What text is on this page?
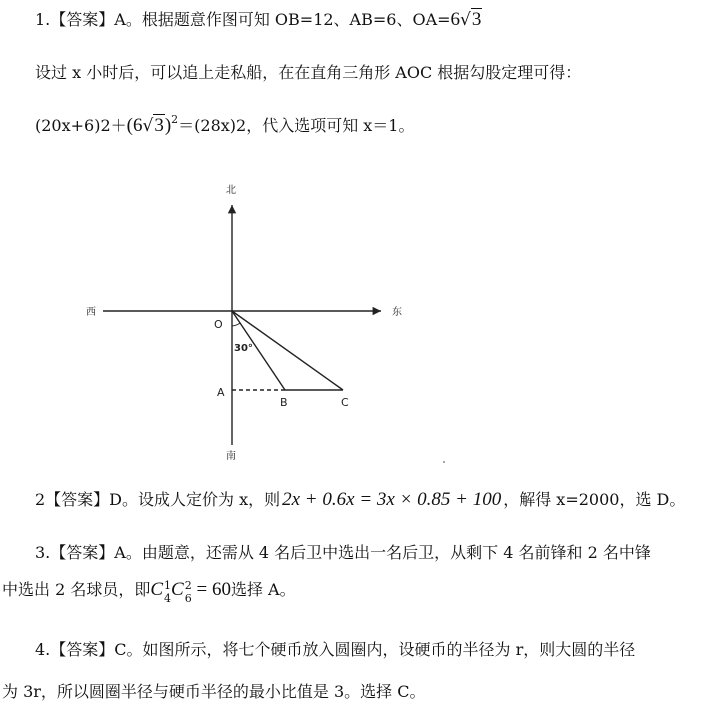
1.【答案】A。根据题意作图可知 OB=12、AB=6、OA=6√3
设过 x 小时后，可以追上走私船，在在直角三角形 AOC 根据勾股定理可得：
$(20x+6)2+(6√3)^2=(28x)2$，代入选项可知 x＝1。
北
南
西	东
O
30°
A
B	C
2【答案】D。设成人定价为 x，则 2x + 0.6x = 3x × 0.85 + 100 ，解得 x=2000，选 D。
3.【答案】A。由题意，还需从 4 名后卫中选出一名后卫，从剩下 4 名前锋和 2 名中锋
中选出 2 名球员，即C 1
4 C 2
6 = 60选择 A。
4.【答案】C。如图所示，将七个硬币放入圆圈内，设硬币的半径为 r，则大圆的半径
为 3r，所以圆圈半径与硬币半径的最小比值是 3。选择 C。
